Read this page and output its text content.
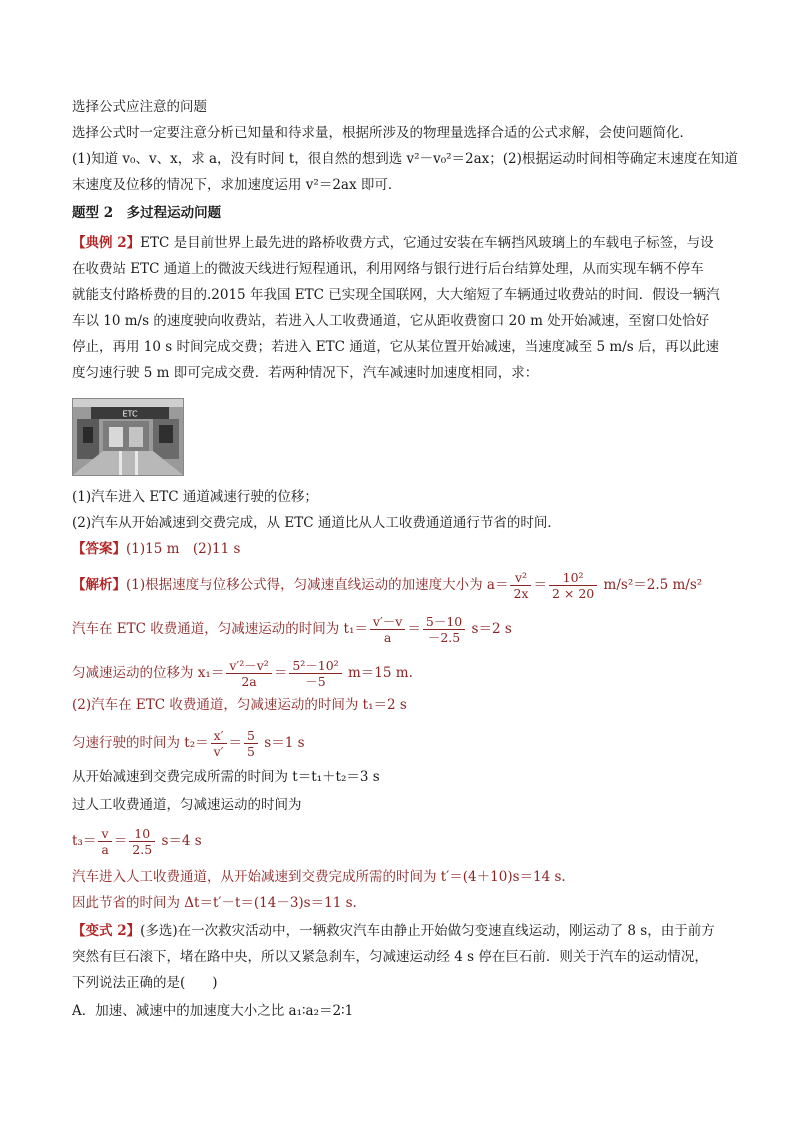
选择公式应注意的问题
选择公式时一定要注意分析已知量和待求量，根据所涉及的物理量选择合适的公式求解，会使问题简化．
(1)知道 v₀、v、x，求 a，没有时间 t，很自然的想到选 v²－v₀²＝2ax；(2)根据运动时间相等确定末速度在知道
末速度及位移的情况下，求加速度运用 v²＝2ax 即可．
题型 2　多过程运动问题
【典例 2】ETC 是目前世界上最先进的路桥收费方式，它通过安装在车辆挡风玻璃上的车载电子标签，与设
在收费站 ETC 通道上的微波天线进行短程通讯，利用网络与银行进行后台结算处理，从而实现车辆不停车
就能支付路桥费的目的.2015 年我国 ETC 已实现全国联网，大大缩短了车辆通过收费站的时间．假设一辆汽
车以 10 m/s 的速度驶向收费站，若进入人工收费通道，它从距收费窗口 20 m 处开始减速，至窗口处恰好
停止，再用 10 s 时间完成交费；若进入 ETC 通道，它从某位置开始减速，当速度减至 5 m/s 后，再以此速
度匀速行驶 5 m 即可完成交费．若两种情况下，汽车减速时加速度相同，求：
ETC
(1)汽车进入 ETC 通道减速行驶的位移；
(2)汽车从开始减速到交费完成，从 ETC 通道比从人工收费通道通行节省的时间．
【答案】(1)15 m　(2)11 s
【解析】(1)根据速度与位移公式得，匀减速直线运动的加速度大小为 $a= \frac{\text{v²}}{2x} = \frac{\text{10²}}{2 \times 20} m/s^2=2.5$ m/s²
汽车在 ETC 收费通道，匀减速运动的时间为 $t_1= \frac{v'-v}{a} = \frac{5-10}{-2.5} s=2$ s
匀减速运动的位移为 $x_1= \frac{\text{v′²－v²}}{2a} = \frac{\text{5²－10²}}{-5} m=15$ m.
(2)汽车在 ETC 收费通道，匀减速运动的时间为 t₁＝2 s
匀速行驶的时间为 $t_2= \frac{x'}{v'} = \frac{5}{5} s=1$ s
从开始减速到交费完成所需的时间为 t＝t₁＋t₂＝3 s
过人工收费通道，匀减速运动的时间为
$t_3= \frac{v}{a} = \frac{10}{2.5} s=4$ s
汽车进入人工收费通道，从开始减速到交费完成所需的时间为 t′＝(4＋10)s＝14 s.
因此节省的时间为 Δt＝t′－t＝(14－3)s＝11 s.
【变式 2】(多选)在一次救灾活动中，一辆救灾汽车由静止开始做匀变速直线运动，刚运动了 8 s，由于前方
突然有巨石滚下，堵在路中央，所以又紧急刹车，匀减速运动经 4 s 停在巨石前．则关于汽车的运动情况，
下列说法正确的是(　　)
A．加速、减速中的加速度大小之比 a₁∶a₂＝2∶1
